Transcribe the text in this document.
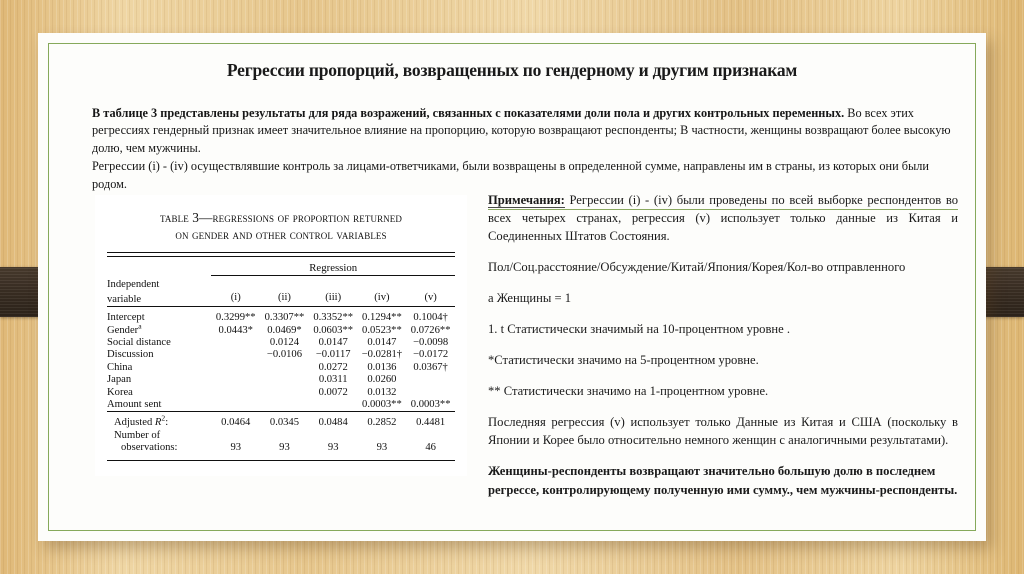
Регрессии пропорций, возвращенных по гендерному и другим признакам
В таблице 3 представлены результаты для ряда возражений, связанных с показателями доли пола и других контрольных переменных. Во всех этих регрессиях гендерный признак имеет значительное влияние на пропорцию, которую возвращают респонденты; В частности, женщины возвращают более высокую долю, чем мужчины.
Регрессии (i) - (iv) осуществлявшие контроль за лицами-ответчиками, были возвращены в определенной сумме, направлены им в страны, из которых они были родом.
table 3—regressions of proportion returned
on gender and other control variables

	Regression				

Independent					
variable	(i)	(ii)	(iii)	(iv)	(v)

Intercept	0.3299**	0.3307**	0.3352**	0.1294**	0.1004†
Gender$^a$	0.0443*	0.0469*	0.0603**	0.0523**	0.0726**
Social distance		0.0124	0.0147	0.0147	−0.0098
Discussion		−0.0106	−0.0117	−0.0281†	−0.0172
China			0.0272	0.0136	0.0367†
Japan			0.0311	0.0260	
Korea			0.0072	0.0132	
Amount sent				0.0003**	0.0003**

Adjusted $R^2$:	0.0464	0.0345	0.0484	0.2852	0.4481
Number of					
observations:	93	93	93	93	46

Примечания: Регрессии (i) - (iv) были проведены по всей выборке респондентов во всех четырех странах, регрессия (v) использует только данные из Китая и Соединенных Штатов Состояния.

Пол/Соц.расстояние/Обсуждение/Китай/Япония/Корея/Кол-во отправленного

a Женщины = 1

1. t Статистически значимый на 10-процентном уровне .

*Статистически значимо на 5-процентном уровне.

** Статистически значимо на 1-процентном уровне.

Последняя регрессия (v) использует только Данные из Китая и США (поскольку в Японии и Корее было относительно немного женщин с аналогичными результатами).

Женщины-респонденты возвращают значительно большую долю в последнем регрессе, контролирующему полученную ими сумму., чем мужчины-респонденты.
